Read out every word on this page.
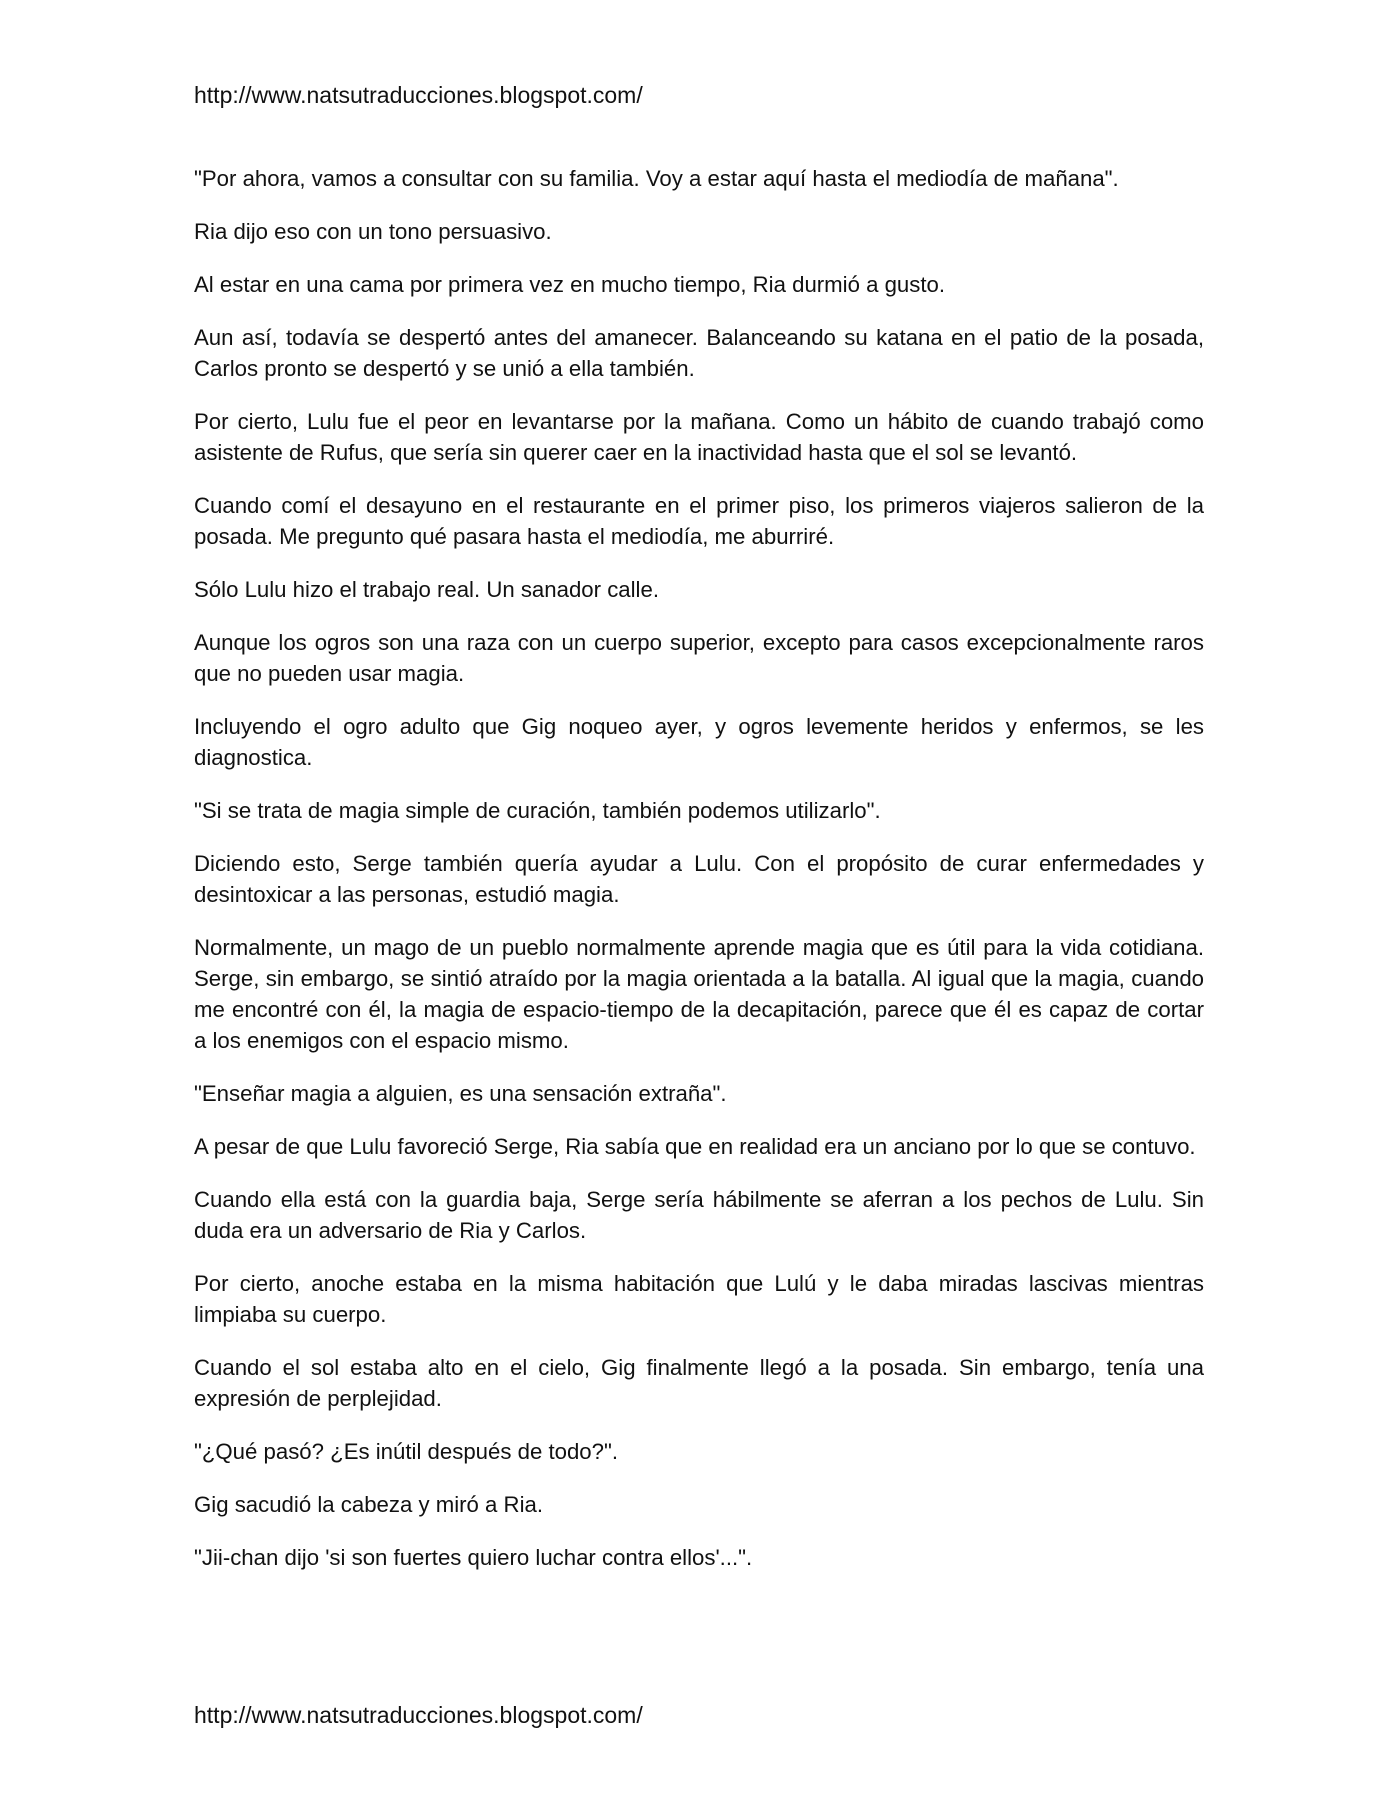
http://www.natsutraducciones.blogspot.com/

"Por ahora, vamos a consultar con su familia. Voy a estar aquí hasta el mediodía de mañana".

Ria dijo eso con un tono persuasivo.

Al estar en una cama por primera vez en mucho tiempo, Ria durmió a gusto.

Aun así, todavía se despertó antes del amanecer. Balanceando su katana en el patio de la posada, Carlos pronto se despertó y se unió a ella también.

Por cierto, Lulu fue el peor en levantarse por la mañana. Como un hábito de cuando trabajó como asistente de Rufus, que sería sin querer caer en la inactividad hasta que el sol se levantó.

Cuando comí el desayuno en el restaurante en el primer piso, los primeros viajeros salieron de la posada. Me pregunto qué pasara hasta el mediodía, me aburriré.

Sólo Lulu hizo el trabajo real. Un sanador calle.

Aunque los ogros son una raza con un cuerpo superior, excepto para casos excepcionalmente raros que no pueden usar magia.

Incluyendo el ogro adulto que Gig noqueo ayer, y ogros levemente heridos y enfermos, se les diagnostica.

"Si se trata de magia simple de curación, también podemos utilizarlo".

Diciendo esto, Serge también quería ayudar a Lulu. Con el propósito de curar enfermedades y desintoxicar a las personas, estudió magia.

Normalmente, un mago de un pueblo normalmente aprende magia que es útil para la vida cotidiana. Serge, sin embargo, se sintió atraído por la magia orientada a la batalla. Al igual que la magia, cuando me encontré con él, la magia de espacio-tiempo de la decapitación, parece que él es capaz de cortar a los enemigos con el espacio mismo.

"Enseñar magia a alguien, es una sensación extraña".

A pesar de que Lulu favoreció Serge, Ria sabía que en realidad era un anciano por lo que se contuvo.

Cuando ella está con la guardia baja, Serge sería hábilmente se aferran a los pechos de Lulu. Sin duda era un adversario de Ria y Carlos.

Por cierto, anoche estaba en la misma habitación que Lulú y le daba miradas lascivas mientras limpiaba su cuerpo.

Cuando el sol estaba alto en el cielo, Gig finalmente llegó a la posada. Sin embargo, tenía una expresión de perplejidad.

"¿Qué pasó? ¿Es inútil después de todo?".

Gig sacudió la cabeza y miró a Ria.

"Jii-chan dijo 'si son fuertes quiero luchar contra ellos'...".

http://www.natsutraducciones.blogspot.com/
